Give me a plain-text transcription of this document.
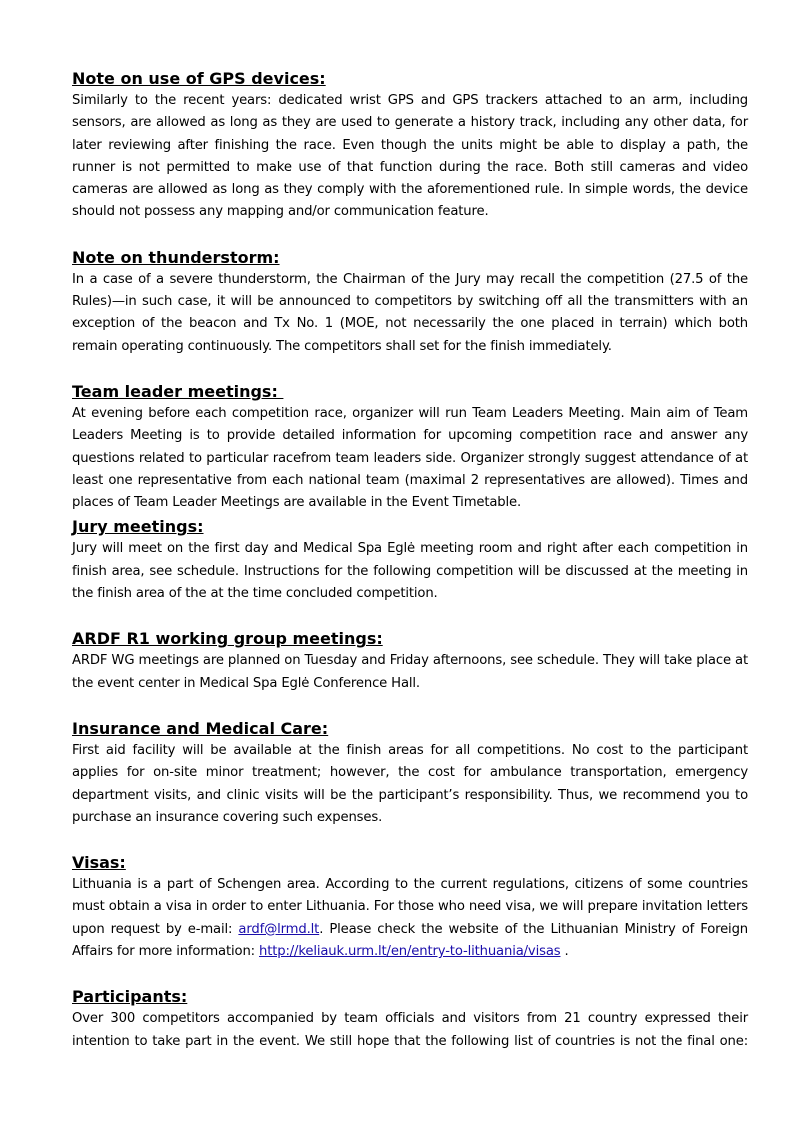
Note on use of GPS devices:

Similarly to the recent years: dedicated wrist GPS and GPS trackers attached to an arm, including sensors, are allowed as long as they are used to generate a history track, including any other data, for later reviewing after finishing the race. Even though the units might be able to display a path, the runner is not permitted to make use of that function during the race. Both still cameras and video cameras are allowed as long as they comply with the aforementioned rule. In simple words, the device should not possess any mapping and/or communication feature.

Note on thunderstorm:

In a case of a severe thunderstorm, the Chairman of the Jury may recall the competition (27.5 of the Rules)—in such case, it will be announced to competitors by switching off all the transmitters with an exception of the beacon and Tx No. 1 (MOE, not necessarily the one placed in terrain) which both remain operating continuously. The competitors shall set for the finish immediately.

Team leader meetings:

At evening before each competition race, organizer will run Team Leaders Meeting. Main aim of Team Leaders Meeting is to provide detailed information for upcoming competition race and answer any questions related to particular racefrom team leaders side. Organizer strongly suggest attendance of at least one representative from each national team (maximal 2 representatives are allowed). Times and places of Team Leader Meetings are available in the Event Timetable.

Jury meetings:

Jury will meet on the first day and Medical Spa Eglė meeting room and right after each competition in finish area, see schedule. Instructions for the following competition will be discussed at the meeting in the finish area of the at the time concluded competition.

ARDF R1 working group meetings:

ARDF WG meetings are planned on Tuesday and Friday afternoons, see schedule. They will take place at the event center in Medical Spa Eglė Conference Hall.

Insurance and Medical Care:

First aid facility will be available at the finish areas for all competitions. No cost to the participant applies for on-site minor treatment; however, the cost for ambulance transportation, emergency department visits, and clinic visits will be the participant’s responsibility. Thus, we recommend you to purchase an insurance covering such expenses.

Visas:

Lithuania is a part of Schengen area. According to the current regulations, citizens of some countries must obtain a visa in order to enter Lithuania. For those who need visa, we will prepare invitation letters upon request by e-mail: ardf@lrmd.lt. Please check the website of the Lithuanian Ministry of Foreign Affairs for more information: http://keliauk.urm.lt/en/entry-to-lithuania/visas .

Participants:

Over 300 competitors accompanied by team officials and visitors from 21 country expressed their intention to take part in the event. We still hope that the following list of countries is not the final one:
